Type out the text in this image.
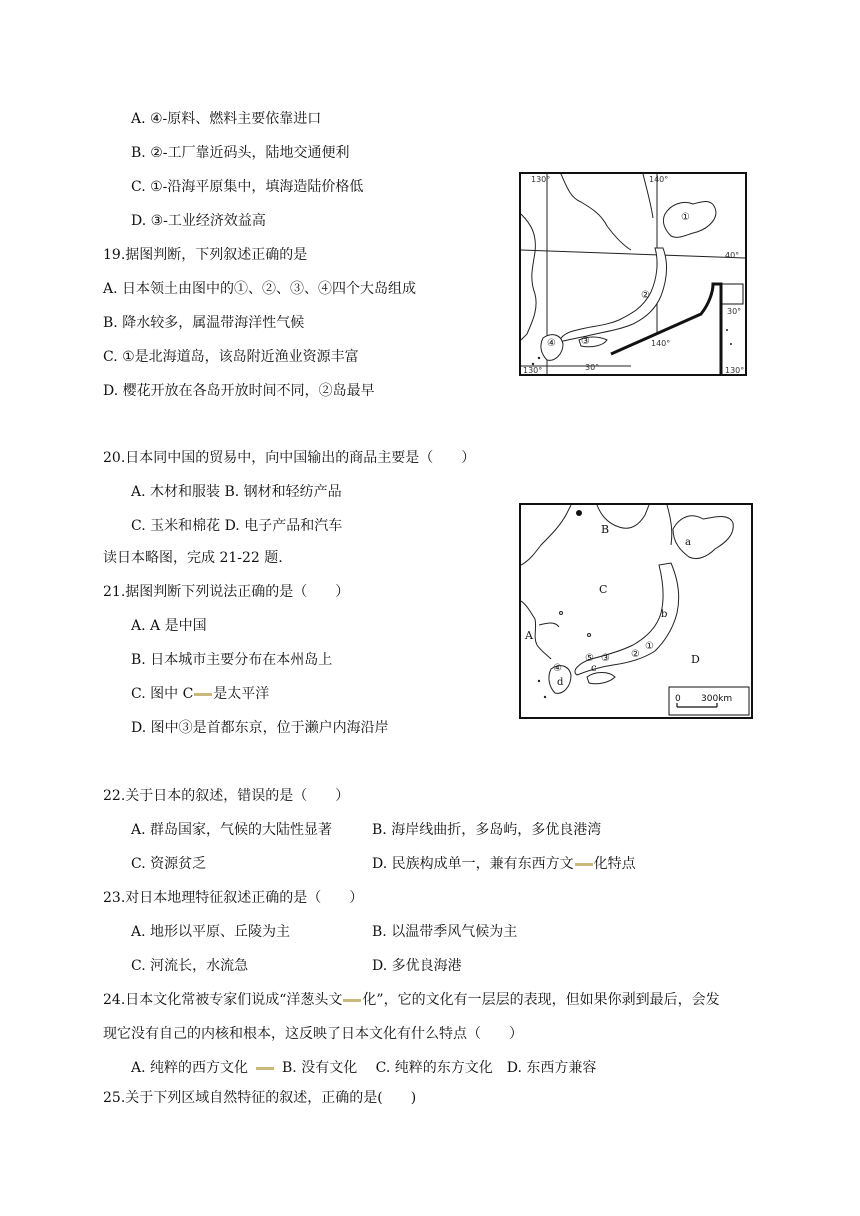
A. ④-原料、燃料主要依靠进口
B. ②-工厂靠近码头，陆地交通便利
C. ①-沿海平原集中，填海造陆价格低
D. ③-工业经济效益高
19.据图判断，下列叙述正确的是
A. 日本领土由图中的①、②、③、④四个大岛组成
B. 降水较多，属温带海洋性气候
C. ①是北海道岛，该岛附近渔业资源丰富
D. 樱花开放在各岛开放时间不同，②岛最早
130°	140°
40°
30°
130°	30°
140°
130°
①
②
③
④
20.日本同中国的贸易中，向中国输出的商品主要是（　　）
A. 木材和服装 B. 钢材和轻纺产品
C. 玉米和棉花 D. 电子产品和汽车
读日本略图，完成 21-22 题.
21.据图判断下列说法正确的是（　　）
A. A 是中国
B. 日本城市主要分布在本州岛上
C. 图中 C 是太平洋
D. 图中③是首都东京，位于濑户内海沿岸
0 300km
A
B
C
D
a
b
c
d
①
②
③
④
⑤
22.关于日本的叙述，错误的是（　　）
A. 群岛国家，气候的大陆性显著	B. 海岸线曲折，多岛屿，多优良港湾
C. 资源贫乏	D. 民族构成单一，兼有东西方文 化特点
23.对日本地理特征叙述正确的是（　　）
A. 地形以平原、丘陵为主	B. 以温带季风气候为主
C. 河流长，水流急	D. 多优良海港
24.日本文化常被专家们说成“洋葱头文 化”，它的文化有一层层的表现，但如果你剥到最后，会发
现它没有自己的内核和根本，这反映了日本文化有什么特点（　　）
A. 纯粹的西方文化 B. 没有文化　 C. 纯粹的东方文化　D. 东西方兼容
25.关于下列区域自然特征的叙述，正确的是(　　)
